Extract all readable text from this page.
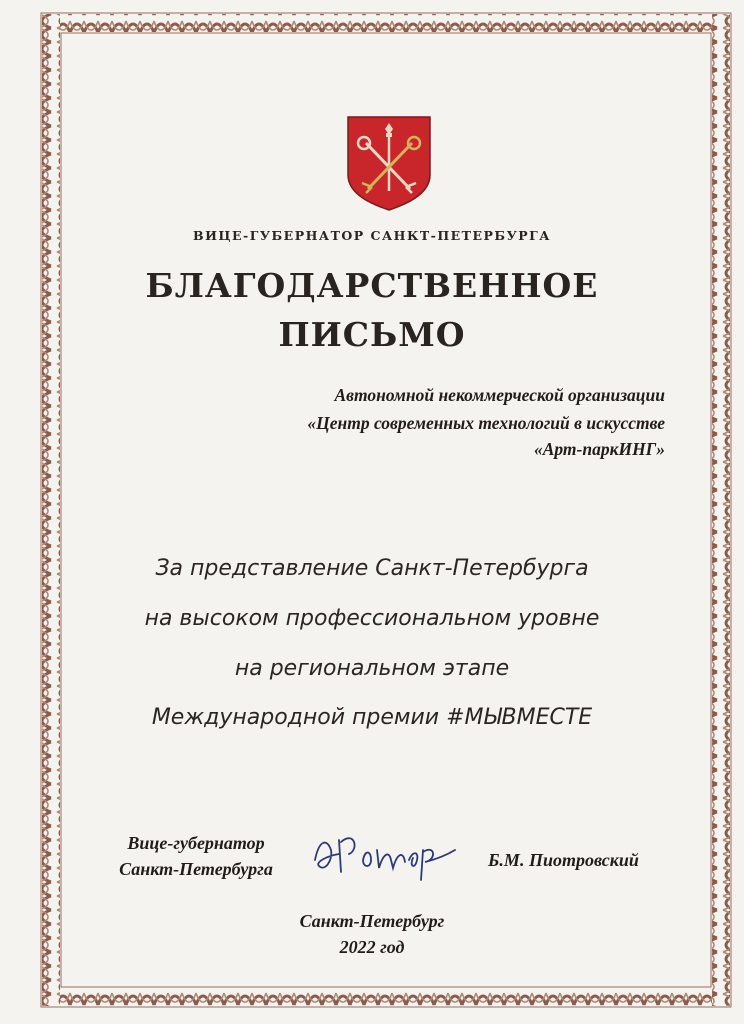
ВИЦЕ-ГУБЕРНАТОР САНКТ-ПЕТЕРБУРГА
БЛАГОДАРСТВЕННОЕ
ПИСЬМО
Автономной некоммерческой организации
«Центр современных технологий в искусстве
«Арт-паркИНГ»
За представление Санкт-Петербурга
на высоком профессиональном уровне
на региональном этапе
Международной премии #МЫВМЕСТЕ
Вице-губернатор
Санкт-Петербурга	Б.М. Пиотровский
Санкт-Петербург
2022 год
